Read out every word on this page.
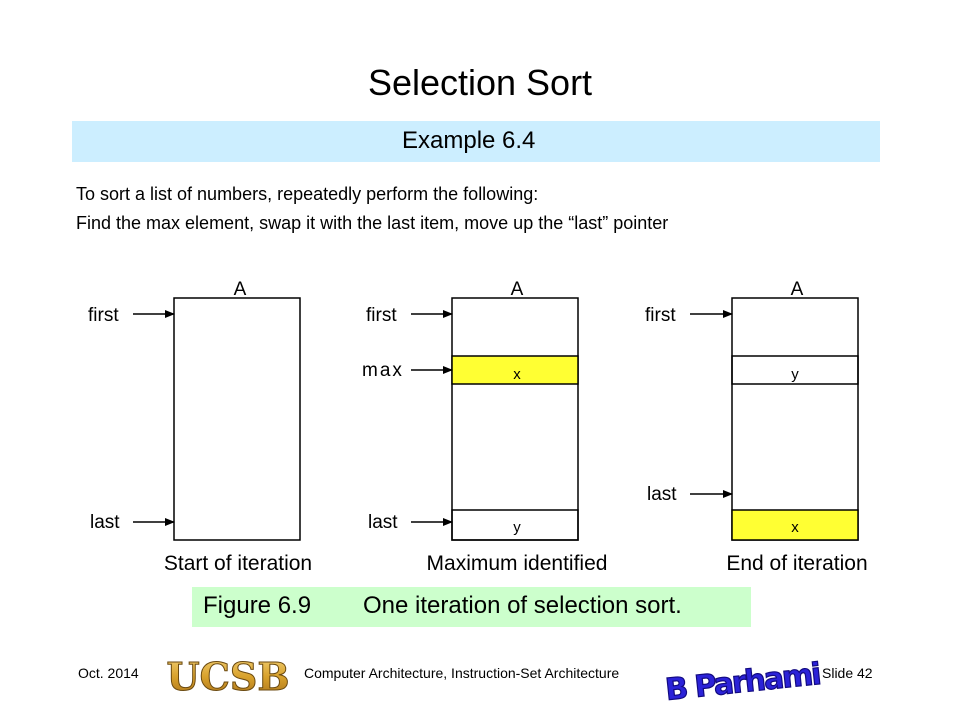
Selection Sort
Example 6.4
To sort a list of numbers, repeatedly perform the following:
Find the max element, swap it with the last item, move up the “last” pointer
A
first
last
Start of iteration
A
x
y
first
max
last
Maximum identified
A
y
x
first
last
End of iteration
Figure 6.9 One iteration of selection sort.
Oct. 2014 UCSB Computer Architecture, Instruction-Set Architecture B Parhami Slide 42
